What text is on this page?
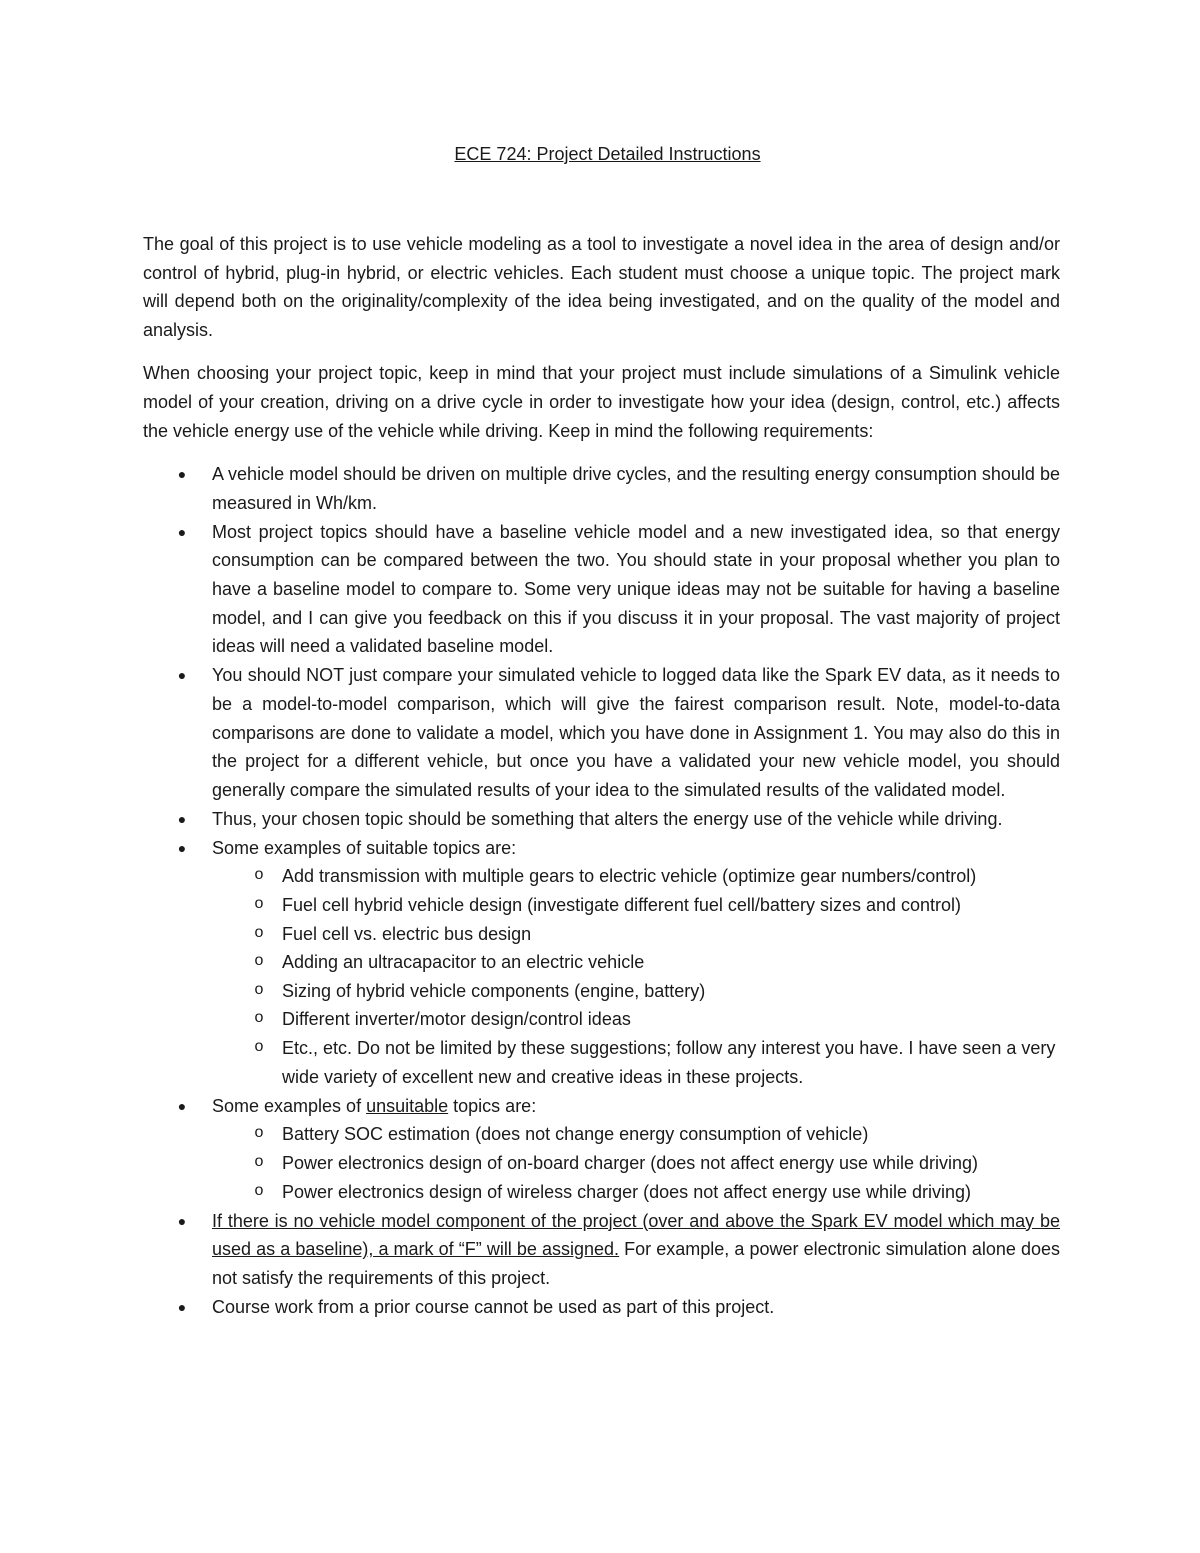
ECE 724: Project Detailed Instructions

The goal of this project is to use vehicle modeling as a tool to investigate a novel idea in the area of design and/or control of hybrid, plug-in hybrid, or electric vehicles. Each student must choose a unique topic. The project mark will depend both on the originality/complexity of the idea being investigated, and on the quality of the model and analysis.

When choosing your project topic, keep in mind that your project must include simulations of a Simulink vehicle model of your creation, driving on a drive cycle in order to investigate how your idea (design, control, etc.) affects the vehicle energy use of the vehicle while driving. Keep in mind the following requirements:

●	A vehicle model should be driven on multiple drive cycles, and the resulting energy consumption should be measured in Wh/km.
●	Most project topics should have a baseline vehicle model and a new investigated idea, so that energy consumption can be compared between the two. You should state in your proposal whether you plan to have a baseline model to compare to. Some very unique ideas may not be suitable for having a baseline model, and I can give you feedback on this if you discuss it in your proposal. The vast majority of project ideas will need a validated baseline model.
●	You should NOT just compare your simulated vehicle to logged data like the Spark EV data, as it needs to be a model-to-model comparison, which will give the fairest comparison result. Note, model-to-data comparisons are done to validate a model, which you have done in Assignment 1. You may also do this in the project for a different vehicle, but once you have a validated your new vehicle model, you should generally compare the simulated results of your idea to the simulated results of the validated model.
●	Thus, your chosen topic should be something that alters the energy use of the vehicle while driving.
●	Some examples of suitable topics are:
o	Add transmission with multiple gears to electric vehicle (optimize gear numbers/control)
o	Fuel cell hybrid vehicle design (investigate different fuel cell/battery sizes and control)
o	Fuel cell vs. electric bus design
o	Adding an ultracapacitor to an electric vehicle
o	Sizing of hybrid vehicle components (engine, battery)
o	Different inverter/motor design/control ideas
o	Etc., etc. Do not be limited by these suggestions; follow any interest you have. I have seen a very wide variety of excellent new and creative ideas in these projects.
●	Some examples of unsuitable topics are:
o	Battery SOC estimation (does not change energy consumption of vehicle)
o	Power electronics design of on-board charger (does not affect energy use while driving)
o	Power electronics design of wireless charger (does not affect energy use while driving)
●	If there is no vehicle model component of the project (over and above the Spark EV model which may be used as a baseline), a mark of “F” will be assigned. For example, a power electronic simulation alone does not satisfy the requirements of this project.
●	Course work from a prior course cannot be used as part of this project.
